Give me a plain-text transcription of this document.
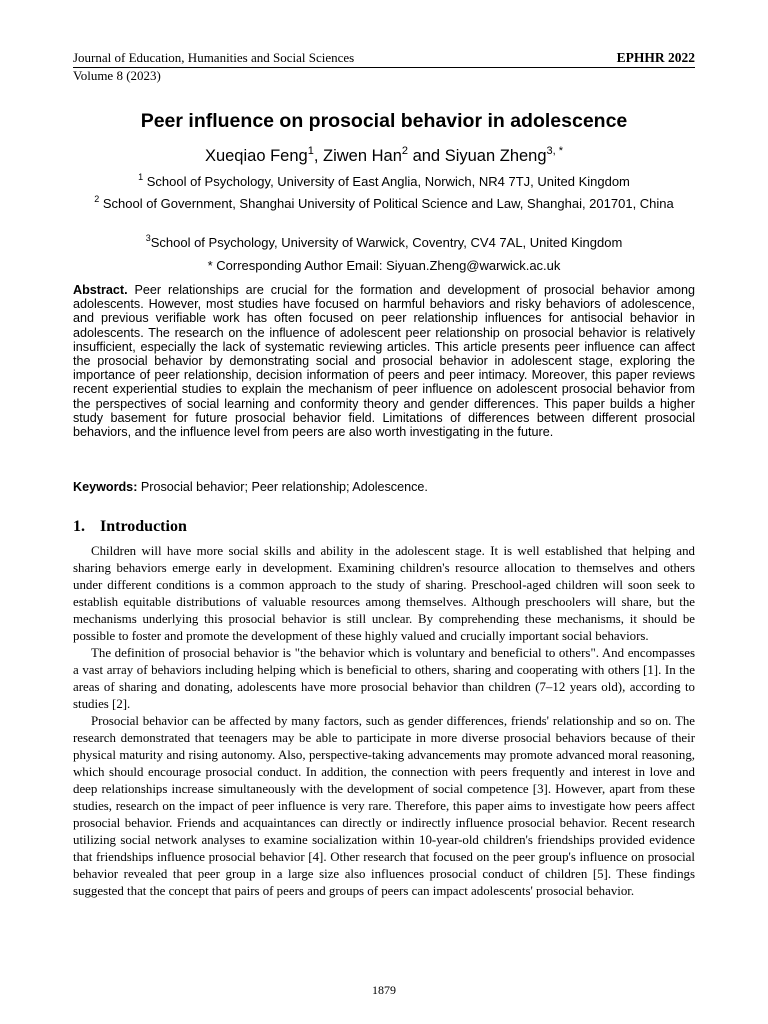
Journal of Education, Humanities and Social Sciences	EPHHR 2022
Volume 8 (2023)
Peer influence on prosocial behavior in adolescence
Xueqiao Feng$^1$, Ziwen Han$^2$ and Siyuan Zheng$^{3, *}$
$^1$ School of Psychology, University of East Anglia, Norwich, NR4 7TJ, United Kingdom
$^2$ School of Government, Shanghai University of Political Science and Law, Shanghai, 201701, China
$^3$School of Psychology, University of Warwick, Coventry, CV4 7AL, United Kingdom
* Corresponding Author Email: Siyuan.Zheng@warwick.ac.uk
Abstract. Peer relationships are crucial for the formation and development of prosocial behavior among adolescents. However, most studies have focused on harmful behaviors and risky behaviors of adolescence, and previous verifiable work has often focused on peer relationship influences for antisocial behavior in adolescents. The research on the influence of adolescent peer relationship on prosocial behavior is relatively insufficient, especially the lack of systematic reviewing articles. This article presents peer influence can affect the prosocial behavior by demonstrating social and prosocial behavior in adolescent stage, exploring the importance of peer relationship, decision information of peers and peer intimacy. Moreover, this paper reviews recent experiential studies to explain the mechanism of peer influence on adolescent prosocial behavior from the perspectives of social learning and conformity theory and gender differences. This paper builds a higher study basement for future prosocial behavior field. Limitations of differences between different prosocial behaviors, and the influence level from peers are also worth investigating in the future.
Keywords: Prosocial behavior; Peer relationship; Adolescence.
1. Introduction

Children will have more social skills and ability in the adolescent stage. It is well established that helping and sharing behaviors emerge early in development. Examining children's resource allocation to themselves and others under different conditions is a common approach to the study of sharing. Preschool-aged children will soon seek to establish equitable distributions of valuable resources among themselves. Although preschoolers will share, but the mechanisms underlying this prosocial behavior is still unclear. By comprehending these mechanisms, it should be possible to foster and promote the development of these highly valued and crucially important social behaviors.

The definition of prosocial behavior is "the behavior which is voluntary and beneficial to others". And encompasses a vast array of behaviors including helping which is beneficial to others, sharing and cooperating with others [1]. In the areas of sharing and donating, adolescents have more prosocial behavior than children (7–12 years old), according to studies [2].

Prosocial behavior can be affected by many factors, such as gender differences, friends' relationship and so on. The research demonstrated that teenagers may be able to participate in more diverse prosocial behaviors because of their physical maturity and rising autonomy. Also, perspective-taking advancements may promote advanced moral reasoning, which should encourage prosocial conduct. In addition, the connection with peers frequently and interest in love and deep relationships increase simultaneously with the development of social competence [3]. However, apart from these studies, research on the impact of peer influence is very rare. Therefore, this paper aims to investigate how peers affect prosocial behavior. Friends and acquaintances can directly or indirectly influence prosocial behavior. Recent research utilizing social network analyses to examine socialization within 10-year-old children's friendships provided evidence that friendships influence prosocial behavior [4]. Other research that focused on the peer group's influence on prosocial behavior revealed that peer group in a large size also influences prosocial conduct of children [5]. These findings suggested that the concept that pairs of peers and groups of peers can impact adolescents' prosocial behavior.

1879
